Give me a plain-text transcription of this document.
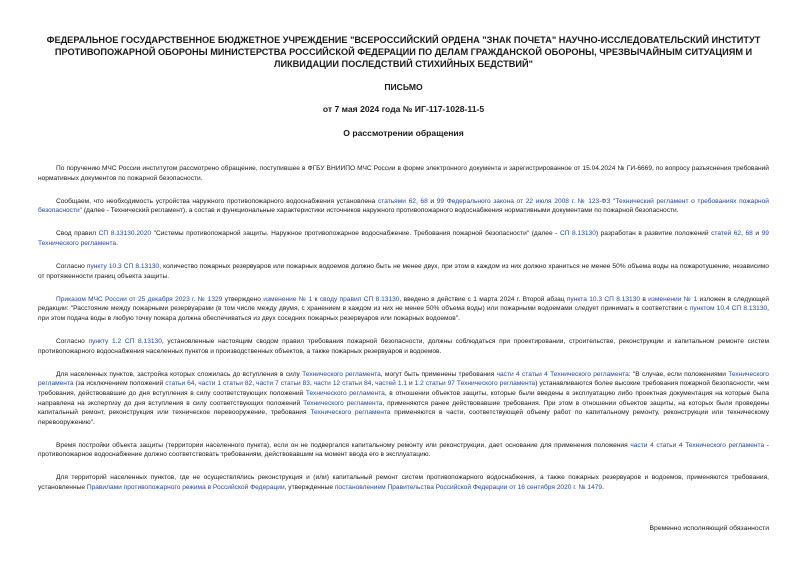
ФЕДЕРАЛЬНОЕ ГОСУДАРСТВЕННОЕ БЮДЖЕТНОЕ УЧРЕЖДЕНИЕ "ВСЕРОССИЙСКИЙ ОРДЕНА "ЗНАК ПОЧЕТА" НАУЧНО-ИССЛЕДОВАТЕЛЬСКИЙ ИНСТИТУТ ПРОТИВОПОЖАРНОЙ ОБОРОНЫ МИНИСТЕРСТВА РОССИЙСКОЙ ФЕДЕРАЦИИ ПО ДЕЛАМ ГРАЖДАНСКОЙ ОБОРОНЫ, ЧРЕЗВЫЧАЙНЫМ СИТУАЦИЯМ И ЛИКВИДАЦИИ ПОСЛЕДСТВИЙ СТИХИЙНЫХ БЕДСТВИЙ"
ПИСЬМО
от 7 мая 2024 года № ИГ-117-1028-11-5
О рассмотрении обращения

По поручению МЧС России институтом рассмотрено обращение, поступившее в ФГБУ ВНИИПО МЧС России в форме электронного документа и зарегистрированное от 15.04.2024 № ГИ-6669, по вопросу разъяснения требований нормативных документов по пожарной безопасности.

Сообщаем, что необходимость устройства наружного противопожарного водоснабжения установлена статьями 62, 68 и 99 Федерального закона от 22 июля 2008 г. № 123-ФЗ "Технический регламент о требованиях пожарной безопасности" (далее - Технический регламент), а состав и функциональные характеристики источников наружного противопожарного водоснабжения нормативными документами по пожарной безопасности.

Свод правил СП 8.13130.2020 "Системы противопожарной защиты. Наружное противопожарное водоснабжение. Требования пожарной безопасности" (далее - СП 8.13130) разработан в развитие положений статей 62, 68 и 99 Технического регламента.

Согласно пункту 10.3 СП 8.13130, количество пожарных резервуаров или пожарных водоемов должно быть не менее двух, при этом в каждом из них должно храниться не менее 50% объема воды на пожаротушение, независимо от протяженности границ объекта защиты.

Приказом МЧС России от 25 декабря 2023 г. № 1329 утверждено изменение № 1 к своду правил СП 8.13130, введено в действие с 1 марта 2024 г. Второй абзац пункта 10.3 СП 8.13130 в изменении № 1 изложен в следующей редакции: "Расстояние между пожарными резервуарами (в том числе между двумя, с хранением в каждом из них не менее 50% объема воды) или пожарными водоемами следует принимать в соответствии с пунктом 10.4 СП 8.13130, при этом подача воды в любую точку пожара должна обеспечиваться из двух соседних пожарных резервуаров или пожарных водоемов".

Согласно пункту 1.2 СП 8.13130, установленные настоящим сводом правил требования пожарной безопасности, должны соблюдаться при проектировании, строительстве, реконструкции и капитальном ремонте систем противопожарного водоснабжения населенных пунктов и производственных объектов, а также пожарных резервуаров и водоемов.

Для населенных пунктов, застройка которых сложилась до вступления в силу Технического регламента, могут быть применены требования части 4 статьи 4 Технического регламента: "В случае, если положениями Технического регламента (за исключением положений статьи 64, части 1 статьи 82, части 7 статьи 83, части 12 статьи 84, частей 1.1 и 1.2 статьи 97 Технического регламента) устанавливаются более высокие требования пожарной безопасности, чем требования, действовавшие до дня вступления в силу соответствующих положений Технического регламента, в отношении объектов защиты, которые были введены в эксплуатацию либо проектная документация на которые была направлена на экспертизу до дня вступления в силу соответствующих положений Технического регламента, применяются ранее действовавшие требования. При этом в отношении объектов защиты, на которых были проведены капитальный ремонт, реконструкция или техническое перевооружение, требования Технического регламента применяются в части, соответствующей объему работ по капитальному ремонту, реконструкции или техническому перевооружению".

Время постройки объекта защиты (территории населенного пункта), если он не подвергался капитальному ремонту или реконструкции, дает основание для применения положения части 4 статьи 4 Технического регламента - противопожарное водоснабжение должно соответствовать требованиям, действовавшим на момент ввода его в эксплуатацию.

Для территорий населенных пунктов, где не осуществлялись реконструкция и (или) капитальный ремонт систем противопожарного водоснабжения, а также пожарных резервуаров и водоемов, применяются требования, установленные Правилами противопожарного режима в Российской Федерации, утвержденные постановлением Правительства Российской Федерации от 16 сентября 2020 г. № 1479.

Временно исполняющий обязанности
